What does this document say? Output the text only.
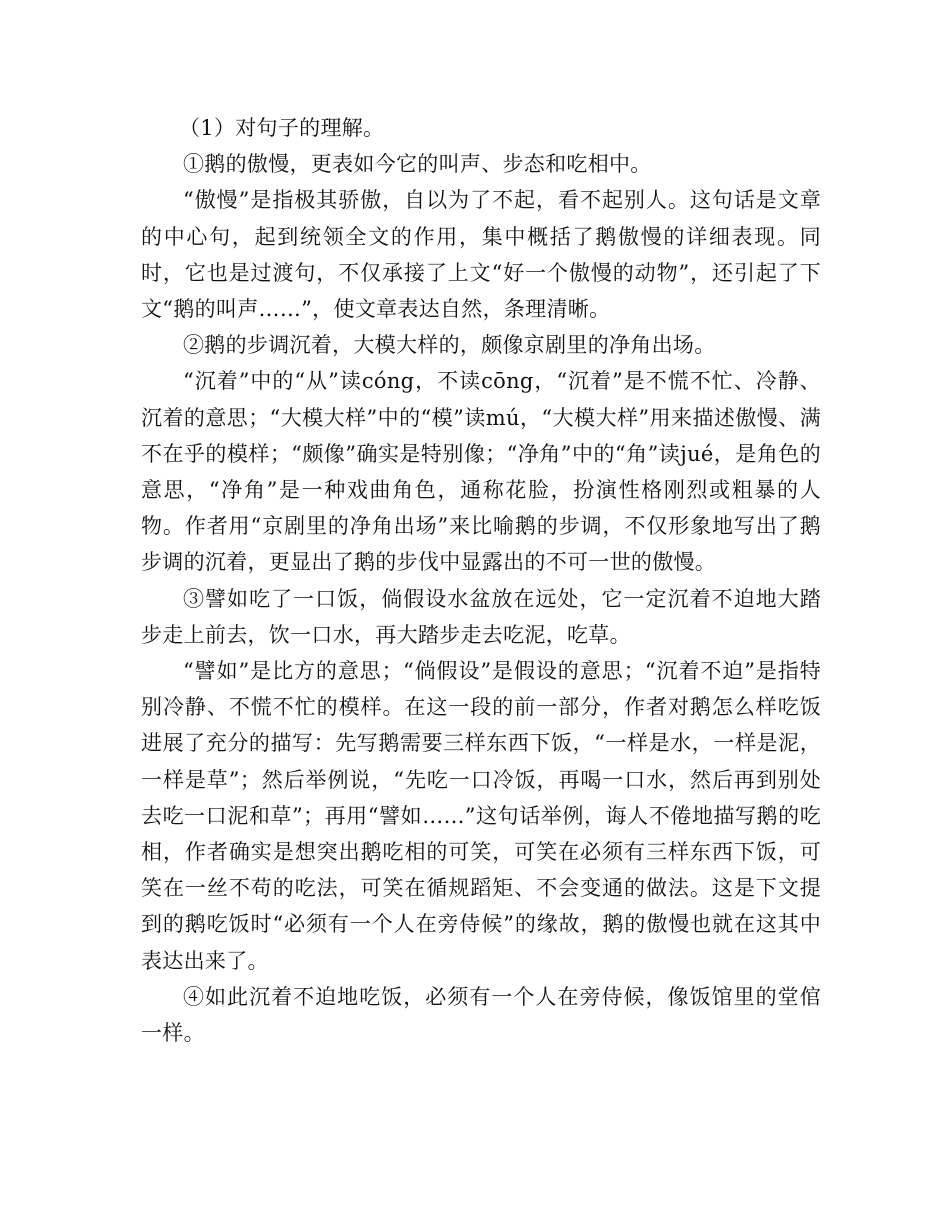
（1）对句子的理解。

①鹅的傲慢，更表如今它的叫声、步态和吃相中。

“傲慢”是指极其骄傲，自以为了不起，看不起别人。这句话是文章的中心句，起到统领全文的作用，集中概括了鹅傲慢的详细表现。同时，它也是过渡句，不仅承接了上文“好一个傲慢的动物”，还引起了下文“鹅的叫声……”，使文章表达自然，条理清晰。

②鹅的步调沉着，大模大样的，颇像京剧里的净角出场。

“沉着”中的“从”读cóng，不读cōng，“沉着”是不慌不忙、冷静、沉着的意思；“大模大样”中的“模”读mú，“大模大样”用来描述傲慢、满不在乎的模样；“颇像”确实是特别像；“净角”中的“角”读jué，是角色的意思，“净角”是一种戏曲角色，通称花脸，扮演性格刚烈或粗暴的人物。作者用“京剧里的净角出场”来比喻鹅的步调，不仅形象地写出了鹅步调的沉着，更显出了鹅的步伐中显露出的不可一世的傲慢。

③譬如吃了一口饭，倘假设水盆放在远处，它一定沉着不迫地大踏步走上前去，饮一口水，再大踏步走去吃泥，吃草。

“譬如”是比方的意思；“倘假设”是假设的意思；“沉着不迫”是指特别冷静、不慌不忙的模样。在这一段的前一部分，作者对鹅怎么样吃饭进展了充分的描写：先写鹅需要三样东西下饭，“一样是水，一样是泥，一样是草”；然后举例说，“先吃一口冷饭，再喝一口水，然后再到别处去吃一口泥和草”；再用“譬如……”这句话举例，诲人不倦地描写鹅的吃相，作者确实是想突出鹅吃相的可笑，可笑在必须有三样东西下饭，可笑在一丝不苟的吃法，可笑在循规蹈矩、不会变通的做法。这是下文提到的鹅吃饭时“必须有一个人在旁侍候”的缘故，鹅的傲慢也就在这其中表达出来了。

④如此沉着不迫地吃饭，必须有一个人在旁侍候，像饭馆里的堂倌一样。
